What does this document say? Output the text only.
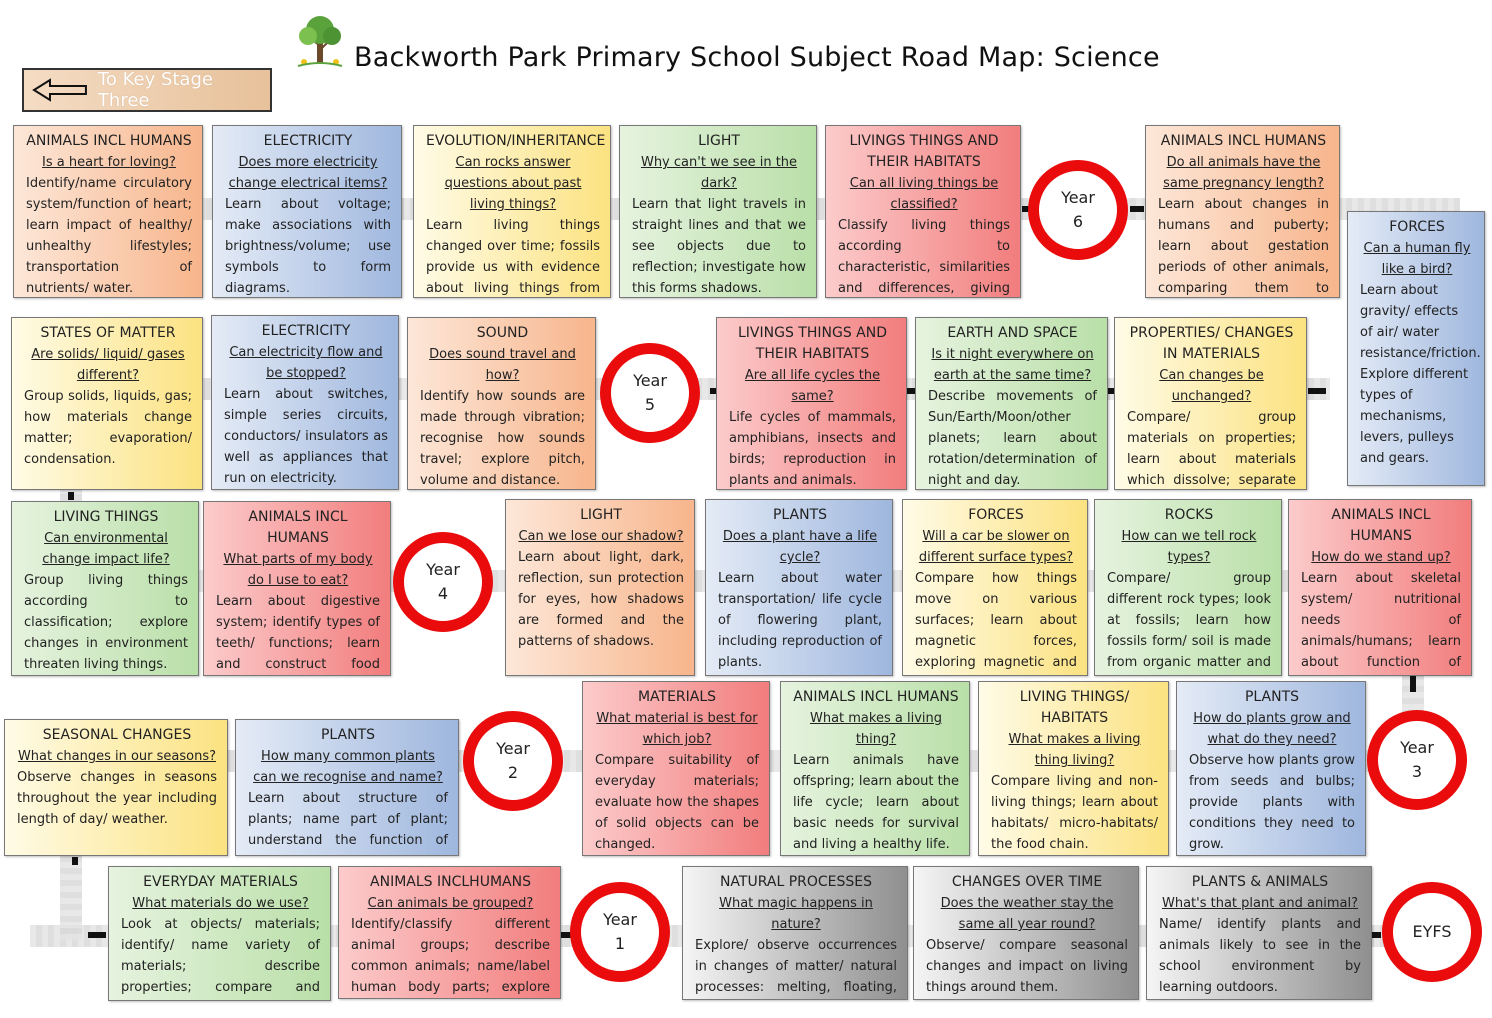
Backworth Park Primary School Subject Road Map: Science
To Key Stage Three
ANIMALS INCL HUMANS
Is a heart for loving?
Identify/name circulatory system/function of heart; learn impact of healthy/ unhealthy lifestyles; transportation of nutrients/ water.
ELECTRICITY
Does more electricity change electrical items?
Learn about voltage; make associations with brightness/volume; use symbols to form diagrams.
EVOLUTION/INHERITANCE
Can rocks answer questions about past living things?
Learn living things changed over time; fossils provide us with evidence about living things from
LIGHT
Why can't we see in the dark?
Learn that light travels in straight lines and that we see objects due to reflection; investigate how this forms shadows.
LIVINGS THINGS AND THEIR HABITATS
Can all living things be classified?
Classify living things according to characteristic, similarities and differences, giving
Year
6
ANIMALS INCL HUMANS
Do all animals have the same pregnancy length?
Learn about changes in humans and puberty; learn about gestation periods of other animals, comparing them to
FORCES
Can a human fly like a bird?
Learn about gravity/ effects of air/ water resistance/friction. Explore different types of mechanisms, levers, pulleys and gears.
STATES OF MATTER
Are solids/ liquid/ gases different?
Group solids, liquids, gas; how materials change matter; evaporation/ condensation.
ELECTRICITY
Can electricity flow and be stopped?
Learn about switches, simple series circuits, conductors/ insulators as well as appliances that run on electricity.
SOUND
Does sound travel and how?
Identify how sounds are made through vibration; recognise how sounds travel; explore pitch, volume and distance.
Year
5
LIVINGS THINGS AND THEIR HABITATS
Are all life cycles the same?
Life cycles of mammals, amphibians, insects and birds; reproduction in plants and animals.
EARTH AND SPACE
Is it night everywhere on earth at the same time?
Describe movements of Sun/Earth/Moon/other planets; learn about rotation/determination of night and day.
PROPERTIES/ CHANGES IN MATERIALS
Can changes be unchanged?
Compare/ group materials on properties; learn about materials which dissolve; separate
LIVING THINGS
Can environmental change impact life?
Group living things according to classification; explore changes in environment threaten living things.
ANIMALS INCL HUMANS
What parts of my body do I use to eat?
Learn about digestive system; identify types of teeth/ functions; learn and construct food
Year
4
LIGHT
Can we lose our shadow?
Learn about light, dark, reflection, sun protection for eyes, how shadows are formed and the patterns of shadows.
PLANTS
Does a plant have a life cycle?
Learn about water transportation/ life cycle of flowering plant, including reproduction of plants.
FORCES
Will a car be slower on different surface types?
Compare how things move on various surfaces; learn about magnetic forces, exploring magnetic and
ROCKS
How can we tell rock types?
Compare/ group different rock types; look at fossils; learn how fossils form/ soil is made from organic matter and
ANIMALS INCL HUMANS
How do we stand up?
Learn about skeletal system/ nutritional needs of animals/humans; learn about function of
SEASONAL CHANGES
What changes in our seasons?
Observe changes in seasons throughout the year including length of day/ weather.
PLANTS
How many common plants can we recognise and name?
Learn about structure of plants; name part of plant; understand the function of
Year
2
MATERIALS
What material is best for which job?
Compare suitability of everyday materials; evaluate how the shapes of solid objects can be changed.
ANIMALS INCL HUMANS
What makes a living thing?
Learn animals have offspring; learn about the life cycle; learn about basic needs for survival and living a healthy life.
LIVING THINGS/ HABITATS
What makes a living thing living?
Compare living and non-living things; learn about habitats/ micro-habitats/ the food chain.
PLANTS
How do plants grow and what do they need?
Observe how plants grow from seeds and bulbs; provide plants with conditions they need to grow.
Year
3
EVERYDAY MATERIALS
What materials do we use?
Look at objects/ materials; identify/ name variety of materials; describe properties; compare and
ANIMALS INCLHUMANS
Can animals be grouped?
Identify/classify different animal groups; describe common animals; name/label human body parts; explore
Year
1
NATURAL PROCESSES
What magic happens in nature?
Explore/ observe occurrences in changes of matter/ natural processes: melting, floating,
CHANGES OVER TIME
Does the weather stay the same all year round?
Observe/ compare seasonal changes and impact on living things around them.
PLANTS & ANIMALS
What's that plant and animal?
Name/ identify plants and animals likely to see in the school environment by learning outdoors.
EYFS
